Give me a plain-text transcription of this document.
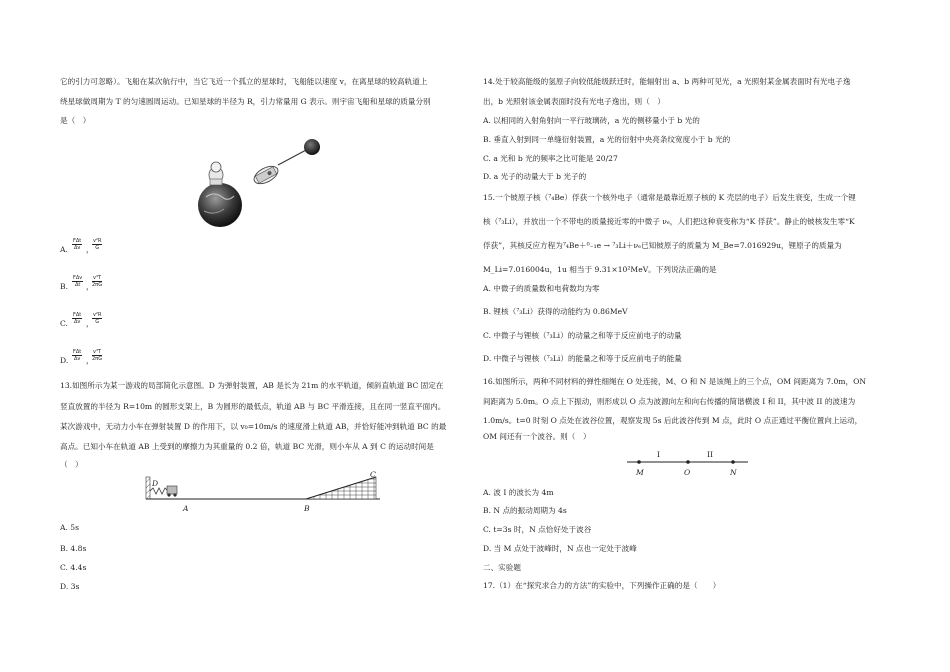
它的引力可忽略）。飞船在某次航行中，当它飞近一个孤立的星球时，飞船能以速度 v，在离星球的较高轨道上
绕星球做周期为 T 的匀速圆周运动。已知星球的半径为 R，引力常量用 G 表示。则宇宙飞船和星球的质量分别
是（　）
A.
FΔt
Δv ，
$\frac{\text{v²R}}{G}$
B.
FΔv
Δt ，
$\frac{\text{v³T}}{2\pi G}$
C.
FΔt
Δv ，
$\frac{\text{v²R}}{G}$
D.
FΔt
Δv ，
$\frac{\text{v³T}}{2\pi G}$
13.如图所示为某一游戏的局部简化示意图。D 为弹射装置，AB 是长为 21m 的水平轨道，倾斜直轨道 BC 固定在
竖直放置的半径为 R=10m 的圆形支架上，B 为圆形的最低点，轨道 AB 与 BC 平滑连接，且在同一竖直平面内。
某次游戏中，无动力小车在弹射装置 D 的作用下，以 v₀=10m/s 的速度滑上轨道 AB，并恰好能冲到轨道 BC 的最
高点。已知小车在轨道 AB 上受到的摩擦力为其重量的 0.2 倍，轨道 BC 光滑，则小车从 A 到 C 的运动时间是
（　）
D
A	B
C
A. 5s
B. 4.8s
C. 4.4s
D. 3s
14.处于较高能级的氢原子向较低能级跃迁时，能辐射出 a、b 两种可见光，a 光照射某金属表面时有光电子逸
出，b 光照射该金属表面时没有光电子逸出，则（　）
A. 以相同的入射角射向一平行玻璃砖，a 光的侧移量小于 b 光的
B. 垂直入射到同一单缝衍射装置，a 光的衍射中央亮条纹宽度小于 b 光的
C. a 光和 b 光的频率之比可能是 20/27
D. a 光子的动量大于 b 光子的
15.一个铍原子核（⁷₄Be）俘获一个核外电子（通常是最靠近原子核的 K 壳层的电子）后发生衰变，生成一个锂
核（⁷₃Li），并放出一个不带电的质量接近零的中微子 νₑ，人们把这种衰变称为“K 俘获”。静止的铍核发生零“K
俘获”，其核反应方程为⁷₄Be＋⁰₋₁e → ⁷₃Li＋νₑ已知铍原子的质量为 M_Be=7.016929u，锂原子的质量为
M_Li=7.016004u，1u 相当于 9.31×10²MeV。下列说法正确的是
A. 中微子的质量数和电荷数均为零
B. 锂核（⁷₃Li）获得的动能约为 0.86MeV
C. 中微子与锂核（⁷₃Li）的动量之和等于反应前电子的动量
D. 中微子与锂核（⁷₃Li）的能量之和等于反应前电子的能量
16.如图所示，两种不同材料的弹性细绳在 O 处连接，M、O 和 N 是该绳上的三个点，OM 间距离为 7.0m，ON
间距离为 5.0m。O 点上下振动，则形成以 O 点为波源向左和向右传播的简谐横波 I 和 II，其中波 II 的波速为
1.0m/s。t=0 时刻 O 点处在波谷位置，观察发现 5s 后此波谷传到 M 点，此时 O 点正通过平衡位置向上运动，
OM 间还有一个波谷。则（　）
I	II
M	O	N
A. 波 I 的波长为 4m
B. N 点的振动周期为 4s
C. t=3s 时，N 点恰好处于波谷
D. 当 M 点处于波峰时，N 点也一定处于波峰
二、实验题
17.（1）在“探究求合力的方法”的实验中，下列操作正确的是（　　）
